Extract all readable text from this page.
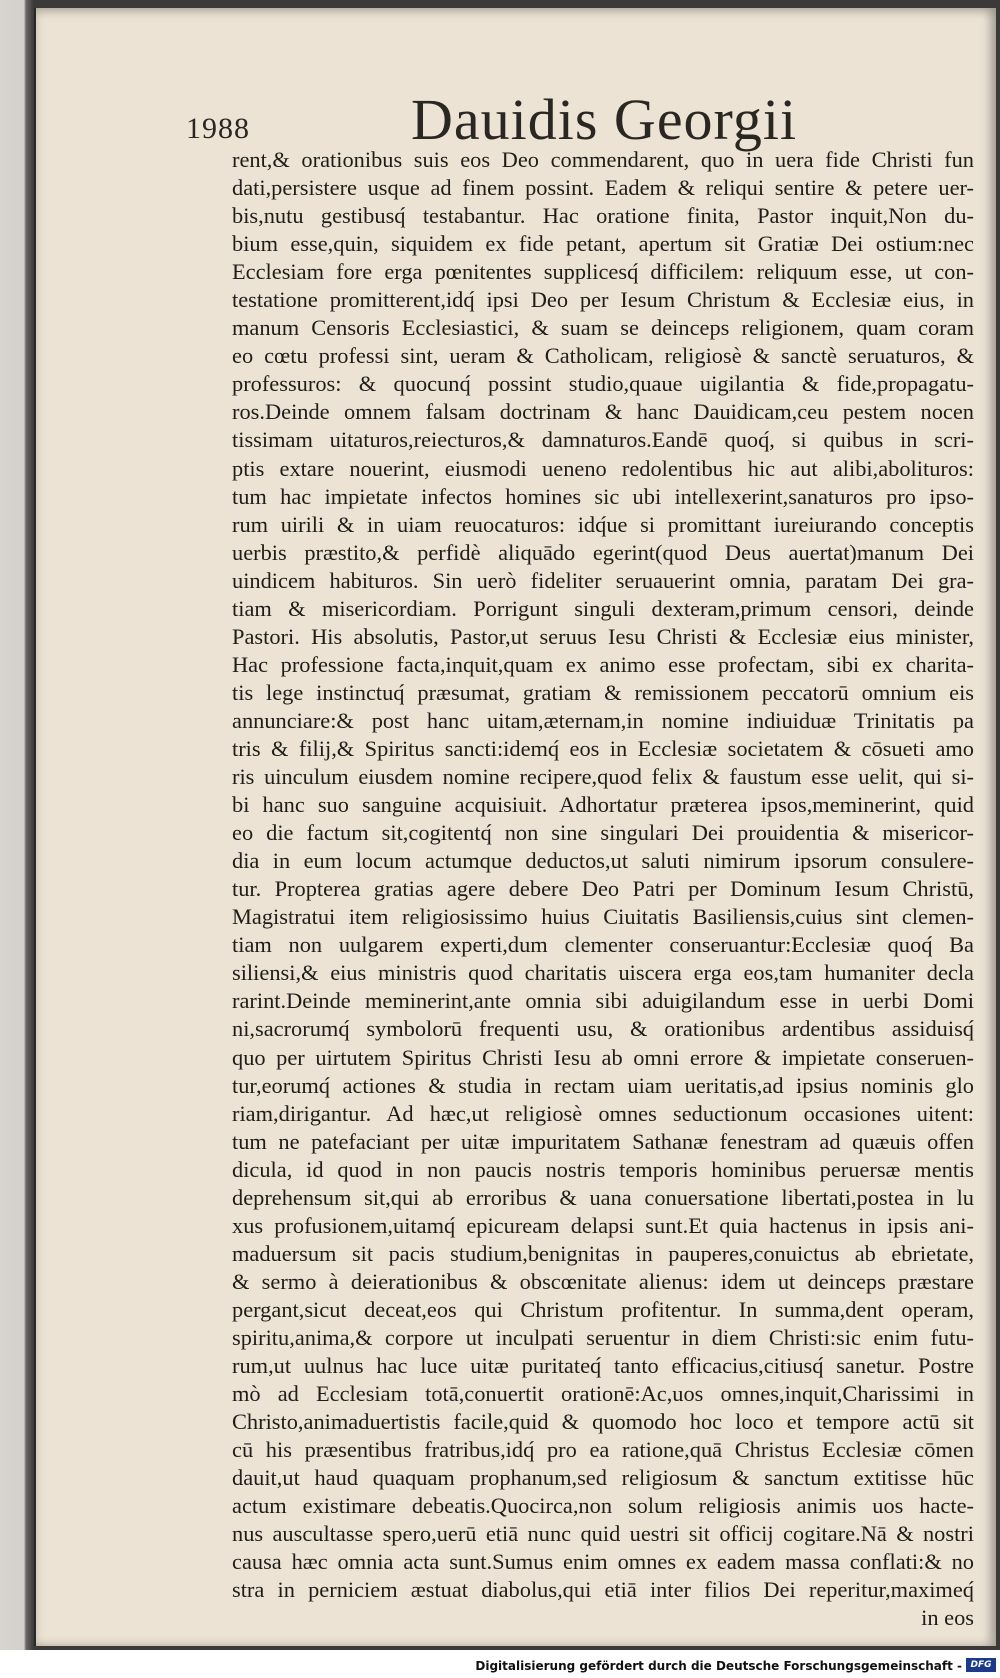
1988	Dauidis Georgii
rent,& orationibus suis eos Deo commendarent, quo in uera fide Christi fun
dati,persistere usque ad finem possint. Eadem & reliqui sentire & petere uer-
bis,nutu gestibusq́ testabantur. Hac oratione finita, Pastor inquit,Non du-
bium esse,quin, siquidem ex fide petant, apertum sit Gratiæ Dei ostium:nec
Ecclesiam fore erga pœnitentes supplicesq́ difficilem: reliquum esse, ut con-
testatione promitterent,idq́ ipsi Deo per Iesum Christum & Ecclesiæ eius, in
manum Censoris Ecclesiastici, & suam se deinceps religionem, quam coram
eo cœtu professi sint, ueram & Catholicam, religiosè & sanctè seruaturos, &
professuros: & quocunq́ possint studio,quaue uigilantia & fide,propagatu-
ros.Deinde omnem falsam doctrinam & hanc Dauidicam,ceu pestem nocen
tissimam uitaturos,reiecturos,& damnaturos.Eandē quoq́, si quibus in scri-
ptis extare nouerint, eiusmodi ueneno redolentibus hic aut alibi,abolituros:
tum hac impietate infectos homines sic ubi intellexerint,sanaturos pro ipso-
rum uirili & in uiam reuocaturos: idq́ue si promittant iureiurando conceptis
uerbis præstito,& perfidè aliquādo egerint(quod Deus auertat)manum Dei
uindicem habituros. Sin uerò fideliter seruauerint omnia, paratam Dei gra-
tiam & misericordiam. Porrigunt singuli dexteram,primum censori, deinde
Pastori. His absolutis, Pastor,ut seruus Iesu Christi & Ecclesiæ eius minister,
Hac professione facta,inquit,quam ex animo esse profectam, sibi ex charita-
tis lege instinctuq́ præsumat, gratiam & remissionem peccatorū omnium eis
annunciare:& post hanc uitam,æternam,in nomine indiuiduæ Trinitatis pa
tris & filij,& Spiritus sancti:idemq́ eos in Ecclesiæ societatem & cōsueti amo
ris uinculum eiusdem nomine recipere,quod felix & faustum esse uelit, qui si-
bi hanc suo sanguine acquisiuit. Adhortatur præterea ipsos,meminerint, quid
eo die factum sit,cogitentq́ non sine singulari Dei prouidentia & misericor-
dia in eum locum actumque deductos,ut saluti nimirum ipsorum consulere-
tur. Propterea gratias agere debere Deo Patri per Dominum Iesum Christū,
Magistratui item religiosissimo huius Ciuitatis Basiliensis,cuius sint clemen-
tiam non uulgarem experti,dum clementer conseruantur:Ecclesiæ quoq́ Ba
siliensi,& eius ministris quod charitatis uiscera erga eos,tam humaniter decla
rarint.Deinde meminerint,ante omnia sibi aduigilandum esse in uerbi Domi
ni,sacrorumq́ symbolorū frequenti usu, & orationibus ardentibus assiduisq́
quo per uirtutem Spiritus Christi Iesu ab omni errore & impietate conseruen-
tur,eorumq́ actiones & studia in rectam uiam ueritatis,ad ipsius nominis glo
riam,dirigantur. Ad hæc,ut religiosè omnes seductionum occasiones uitent:
tum ne patefaciant per uitæ impuritatem Sathanæ fenestram ad quæuis offen
dicula, id quod in non paucis nostris temporis hominibus peruersæ mentis
deprehensum sit,qui ab erroribus & uana conuersatione libertati,postea in lu
xus profusionem,uitamq́ epicuream delapsi sunt.Et quia hactenus in ipsis ani-
maduersum sit pacis studium,benignitas in pauperes,conuictus ab ebrietate,
& sermo à deierationibus & obscœnitate alienus: idem ut deinceps præstare
pergant,sicut deceat,eos qui Christum profitentur. In summa,dent operam,
spiritu,anima,& corpore ut inculpati seruentur in diem Christi:sic enim futu-
rum,ut uulnus hac luce uitæ puritateq́ tanto efficacius,citiusq́ sanetur. Postre
mò ad Ecclesiam totā,conuertit orationē:Ac,uos omnes,inquit,Charissimi in
Christo,animaduertistis facile,quid & quomodo hoc loco et tempore actū sit
cū his præsentibus fratribus,idq́ pro ea ratione,quā Christus Ecclesiæ cōmen
dauit,ut haud quaquam prophanum,sed religiosum & sanctum extitisse hūc
actum existimare debeatis.Quocirca,non solum religiosis animis uos hacte-
nus auscultasse spero,uerū etiā nunc quid uestri sit officij cogitare.Nā & nostri
causa hæc omnia acta sunt.Sumus enim omnes ex eadem massa conflati:& no
stra in perniciem æstuat diabolus,qui etiā inter filios Dei reperitur,maximeq́
in eos
Digitalisierung gefördert durch die Deutsche Forschungsgemeinschaft - DFG
